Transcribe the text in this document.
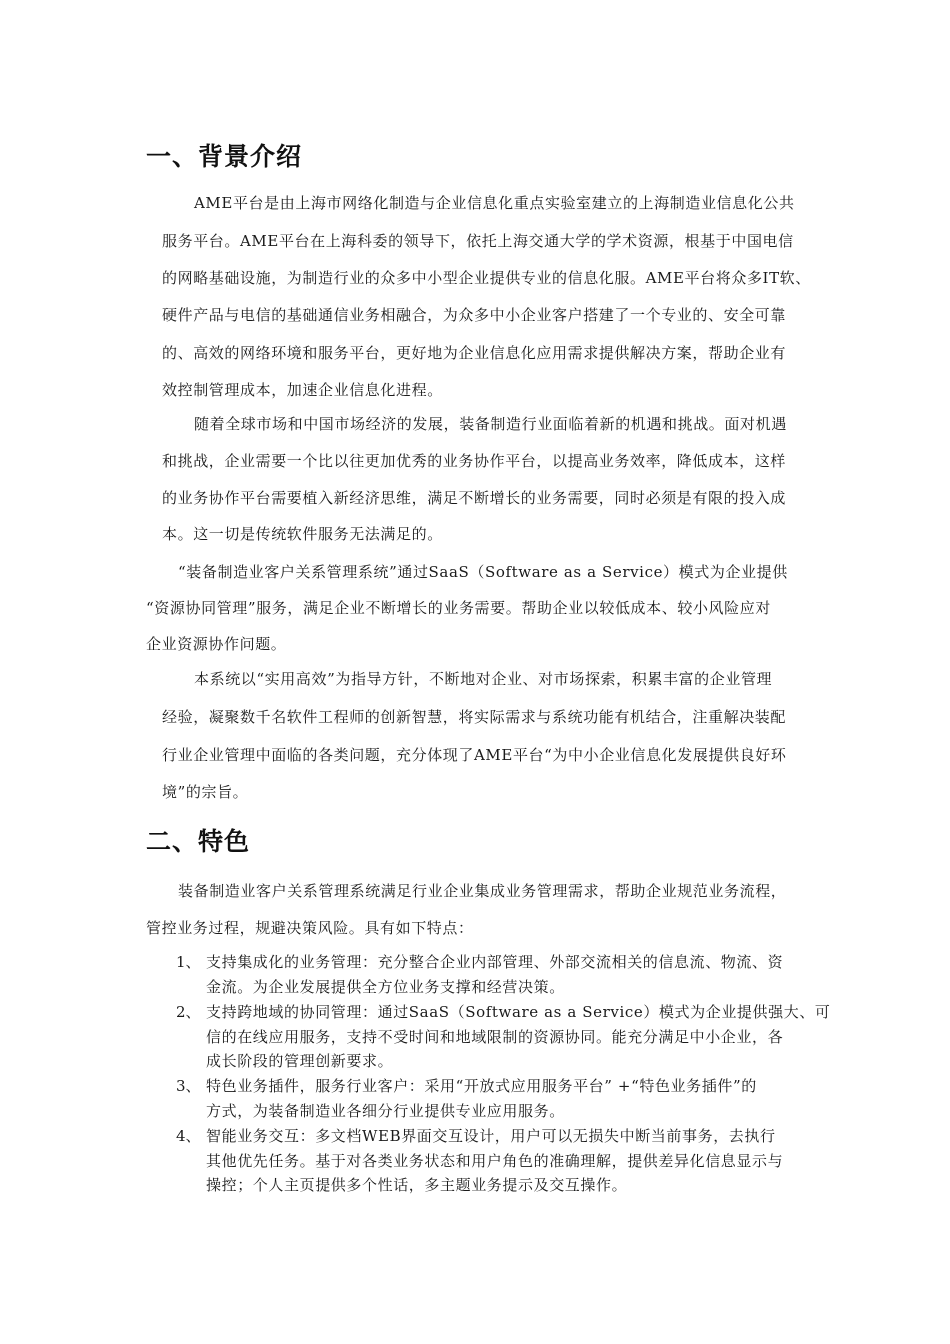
一、背景介绍

AME平台是由上海市网络化制造与企业信息化重点实验室建立的上海制造业信息化公共

服务平台。AME平台在上海科委的领导下，依托上海交通大学的学术资源，根基于中国电信

的网略基础设施，为制造行业的众多中小型企业提供专业的信息化服。AME平台将众多IT软、

硬件产品与电信的基础通信业务相融合，为众多中小企业客户搭建了一个专业的、安全可靠

的、高效的网络环境和服务平台，更好地为企业信息化应用需求提供解决方案，帮助企业有

效控制管理成本，加速企业信息化进程。

随着全球市场和中国市场经济的发展，装备制造行业面临着新的机遇和挑战。面对机遇

和挑战，企业需要一个比以往更加优秀的业务协作平台，以提高业务效率，降低成本，这样

的业务协作平台需要植入新经济思维，满足不断增长的业务需要，同时必须是有限的投入成

本。这一切是传统软件服务无法满足的。

“装备制造业客户关系管理系统”通过SaaS（Software as a Service）模式为企业提供

“资源协同管理”服务，满足企业不断增长的业务需要。帮助企业以较低成本、较小风险应对

企业资源协作问题。

本系统以“实用高效”为指导方针，不断地对企业、对市场探索，积累丰富的企业管理

经验，凝聚数千名软件工程师的创新智慧，将实际需求与系统功能有机结合，注重解决装配

行业企业管理中面临的各类问题，充分体现了AME平台“为中小企业信息化发展提供良好环

境”的宗旨。

二、特色

装备制造业客户关系管理系统满足行业企业集成业务管理需求，帮助企业规范业务流程，

管控业务过程，规避决策风险。具有如下特点：

1、 支持集成化的业务管理：充分整合企业内部管理、外部交流相关的信息流、物流、资

金流。为企业发展提供全方位业务支撑和经营决策。

2、 支持跨地域的协同管理：通过SaaS（Software as a Service）模式为企业提供强大、可

信的在线应用服务，支持不受时间和地域限制的资源协同。能充分满足中小企业，各

成长阶段的管理创新要求。

3、 特色业务插件，服务行业客户：采用“开放式应用服务平台” +“特色业务插件”的

方式，为装备制造业各细分行业提供专业应用服务。

4、 智能业务交互：多文档WEB界面交互设计，用户可以无损失中断当前事务，去执行

其他优先任务。基于对各类业务状态和用户角色的准确理解，提供差异化信息显示与

操控；个人主页提供多个性话，多主题业务提示及交互操作。
